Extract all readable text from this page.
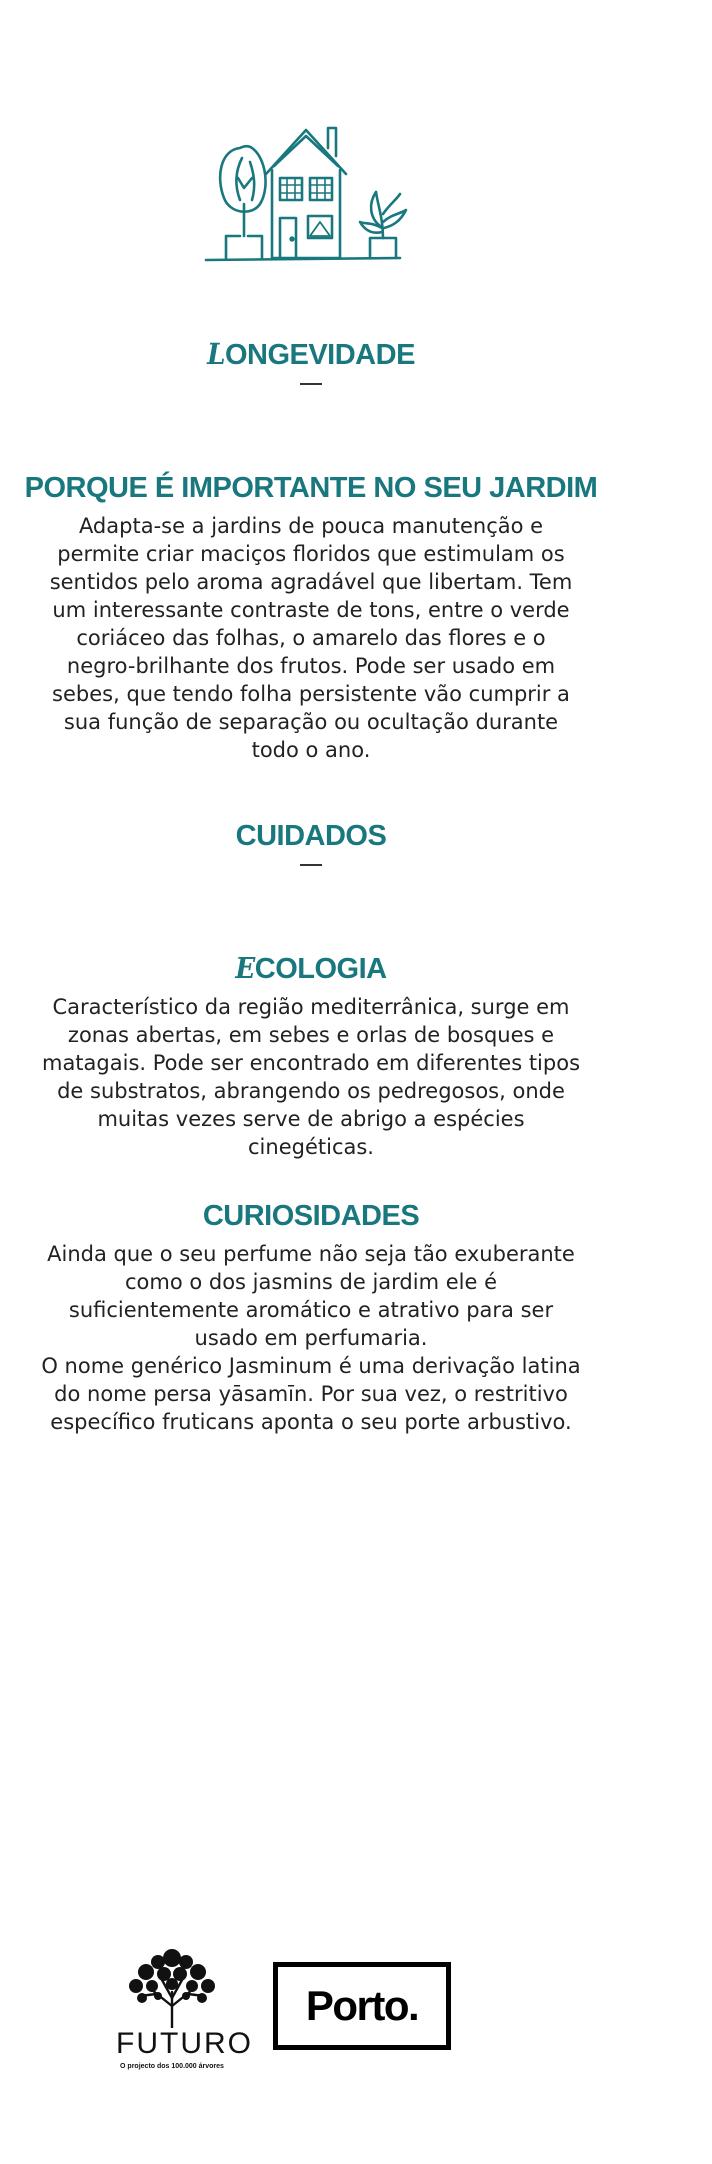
LONGEVIDADE
PORQUE É IMPORTANTE NO SEU JARDIM

Adapta-se a jardins de pouca manutenção e
permite criar maciços floridos que estimulam os
sentidos pelo aroma agradável que libertam. Tem
um interessante contraste de tons, entre o verde
coriáceo das folhas, o amarelo das flores e o
negro-brilhante dos frutos. Pode ser usado em
sebes, que tendo folha persistente vão cumprir a
sua função de separação ou ocultação durante
todo o ano.

CUIDADOS
ECOLOGIA

Característico da região mediterrânica, surge em
zonas abertas, em sebes e orlas de bosques e
matagais. Pode ser encontrado em diferentes tipos
de substratos, abrangendo os pedregosos, onde
muitas vezes serve de abrigo a espécies cinegéticas.

CURIOSIDADES

Ainda que o seu perfume não seja tão exuberante
como o dos jasmins de jardim ele é
suficientemente aromático e atrativo para ser
usado em perfumaria.
O nome genérico Jasminum é uma derivação latina
do nome persa yāsamīn. Por sua vez, o restritivo
específico fruticans aponta o seu porte arbustivo.

FUTURO
O projecto dos 100.000 árvores
Porto.
